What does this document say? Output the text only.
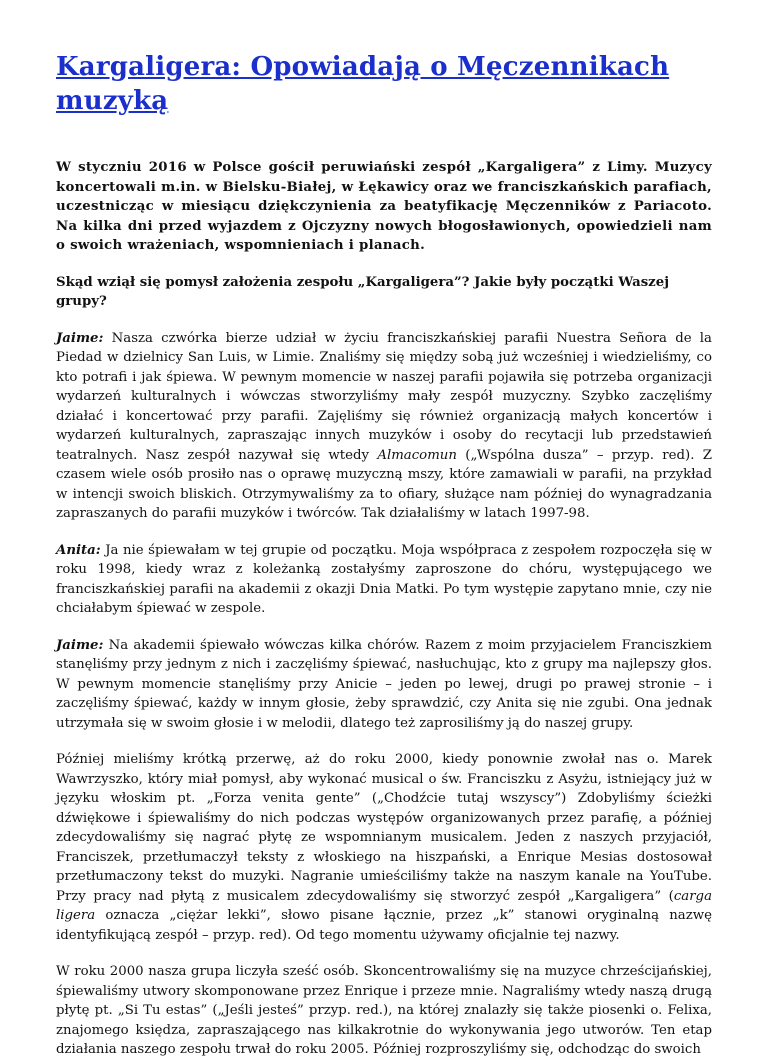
Kargaligera: Opowiadają o Męczennikach muzyką

W styczniu 2016 w Polsce gościł peruwiański zespół „Kargaligera” z Limy. Muzycy koncertowali m.in. w Bielsku-Białej, w Łękawicy oraz we franciszkańskich parafiach, uczestnicząc w miesiącu dziękczynienia za beatyfikację Męczenników z Pariacoto. Na kilka dni przed wyjazdem z Ojczyzny nowych błogosławionych, opowiedzieli nam o swoich wrażeniach, wspomnieniach i planach.

Skąd wziął się pomysł założenia zespołu „Kargaligera”? Jakie były początki Waszej grupy?

Jaime: Nasza czwórka bierze udział w życiu franciszkańskiej parafii Nuestra Señora de la Piedad w dzielnicy San Luis, w Limie. Znaliśmy się między sobą już wcześniej i wiedzieliśmy, co kto potrafi i jak śpiewa. W pewnym momencie w naszej parafii pojawiła się potrzeba organizacji wydarzeń kulturalnych i wówczas stworzyliśmy mały zespół muzyczny. Szybko zaczęliśmy działać i koncertować przy parafii. Zajęliśmy się również organizacją małych koncertów i wydarzeń kulturalnych, zapraszając innych muzyków i osoby do recytacji lub przedstawień teatralnych. Nasz zespół nazywał się wtedy Almacomun („Wspólna dusza” – przyp. red). Z czasem wiele osób prosiło nas o oprawę muzyczną mszy, które zamawiali w parafii, na przykład w intencji swoich bliskich. Otrzymywaliśmy za to ofiary, służące nam później do wynagradzania zapraszanych do parafii muzyków i twórców. Tak działaliśmy w latach 1997-98.

Anita: Ja nie śpiewałam w tej grupie od początku. Moja współpraca z zespołem rozpoczęła się w roku 1998, kiedy wraz z koleżanką zostałyśmy zaproszone do chóru, występującego we franciszkańskiej parafii na akademii z okazji Dnia Matki. Po tym występie zapytano mnie, czy nie chciałabym śpiewać w zespole.

Jaime: Na akademii śpiewało wówczas kilka chórów. Razem z moim przyjacielem Franciszkiem stanęliśmy przy jednym z nich i zaczęliśmy śpiewać, nasłuchując, kto z grupy ma najlepszy głos. W pewnym momencie stanęliśmy przy Anicie – jeden po lewej, drugi po prawej stronie – i zaczęliśmy śpiewać, każdy w innym głosie, żeby sprawdzić, czy Anita się nie zgubi. Ona jednak utrzymała się w swoim głosie i w melodii, dlatego też zaprosiliśmy ją do naszej grupy.

Później mieliśmy krótką przerwę, aż do roku 2000, kiedy ponownie zwołał nas o. Marek Wawrzyszko, który miał pomysł, aby wykonać musical o św. Franciszku z Asyżu, istniejący już w języku włoskim pt. „Forza venita gente” („Chodźcie tutaj wszyscy”) Zdobyliśmy ścieżki dźwiękowe i śpiewaliśmy do nich podczas występów organizowanych przez parafię, a później zdecydowaliśmy się nagrać płytę ze wspomnianym musicalem. Jeden z naszych przyjaciół, Franciszek, przetłumaczył teksty z włoskiego na hiszpański, a Enrique Mesias dostosował przetłumaczony tekst do muzyki. Nagranie umieściliśmy także na naszym kanale na YouTube. Przy pracy nad płytą z musicalem zdecydowaliśmy się stworzyć zespół „Kargaligera” (carga ligera oznacza „ciężar lekki”, słowo pisane łącznie, przez „k” stanowi oryginalną nazwę identyfikującą zespół – przyp. red). Od tego momentu używamy oficjalnie tej nazwy.

W roku 2000 nasza grupa liczyła sześć osób. Skoncentrowaliśmy się na muzyce chrześcijańskiej, śpiewaliśmy utwory skomponowane przez Enrique i przeze mnie. Nagraliśmy wtedy naszą drugą płytę pt. „Si Tu estas” („Jeśli jesteś” przyp. red.), na której znalazły się także piosenki o. Felixa, znajomego księdza, zapraszającego nas kilkakrotnie do wykonywania jego utworów. Ten etap działania naszego zespołu trwał do roku 2005. Później rozproszyliśmy się, odchodząc do swoich
